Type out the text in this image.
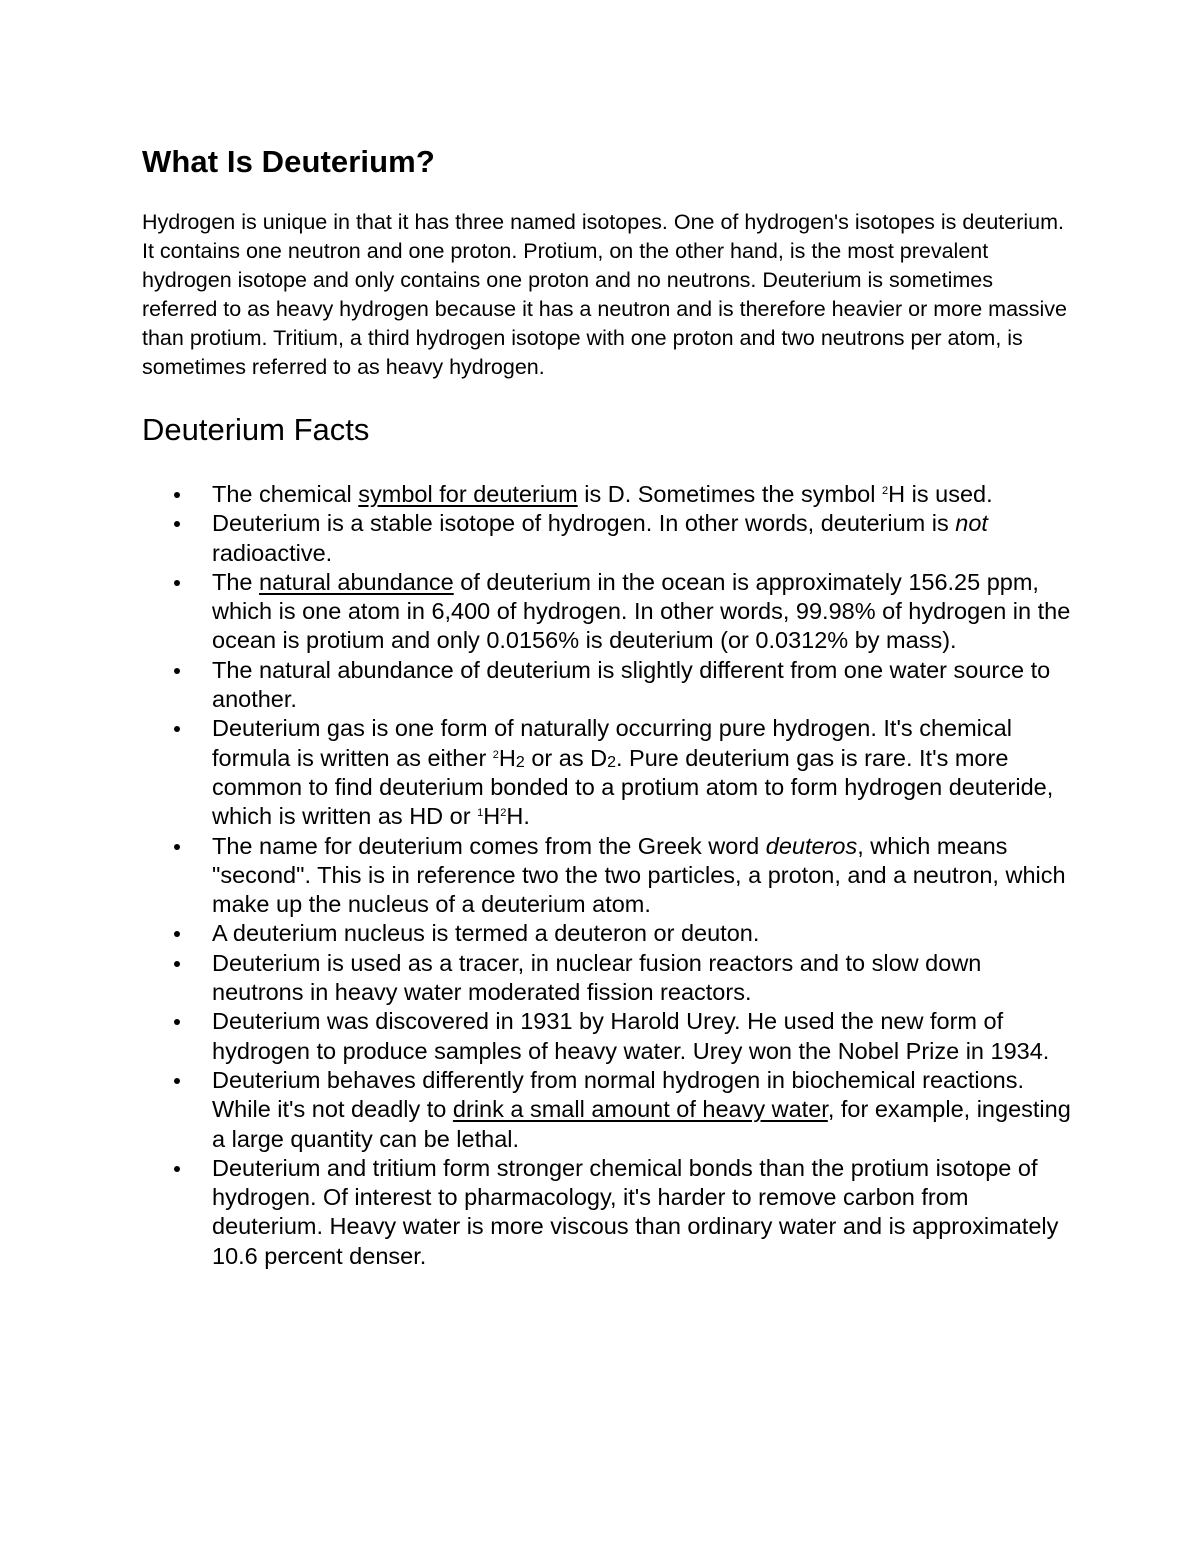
What Is Deuterium?

Hydrogen is unique in that it has three named isotopes. One of hydrogen's isotopes is deuterium. It contains one neutron and one proton. Protium, on the other hand, is the most prevalent hydrogen isotope and only contains one proton and no neutrons. Deuterium is sometimes referred to as heavy hydrogen because it has a neutron and is therefore heavier or more massive than protium. Tritium, a third hydrogen isotope with one proton and two neutrons per atom, is sometimes referred to as heavy hydrogen.

Deuterium Facts
The chemical symbol for deuterium is D. Sometimes the symbol $^2$H is used.
Deuterium is a stable isotope of hydrogen. In other words, deuterium is not radioactive.
The natural abundance of deuterium in the ocean is approximately 156.25 ppm, which is one atom in 6,400 of hydrogen. In other words, 99.98% of hydrogen in the ocean is protium and only 0.0156% is deuterium (or 0.0312% by mass).
The natural abundance of deuterium is slightly different from one water source to another.
Deuterium gas is one form of naturally occurring pure hydrogen. It's chemical formula is written as either $^2H_2$ or as $D_2$. Pure deuterium gas is rare. It's more common to find deuterium bonded to a protium atom to form hydrogen deuteride, which is written as HD or $^1H^2H$.
The name for deuterium comes from the Greek word deuteros, which means "second". This is in reference two the two particles, a proton, and a neutron, which make up the nucleus of a deuterium atom.
A deuterium nucleus is termed a deuteron or deuton.
Deuterium is used as a tracer, in nuclear fusion reactors and to slow down neutrons in heavy water moderated fission reactors.
Deuterium was discovered in 1931 by Harold Urey. He used the new form of hydrogen to produce samples of heavy water. Urey won the Nobel Prize in 1934.
Deuterium behaves differently from normal hydrogen in biochemical reactions. While it's not deadly to drink a small amount of heavy water, for example, ingesting a large quantity can be lethal.
Deuterium and tritium form stronger chemical bonds than the protium isotope of hydrogen. Of interest to pharmacology, it's harder to remove carbon from deuterium. Heavy water is more viscous than ordinary water and is approximately 10.6 percent denser.
